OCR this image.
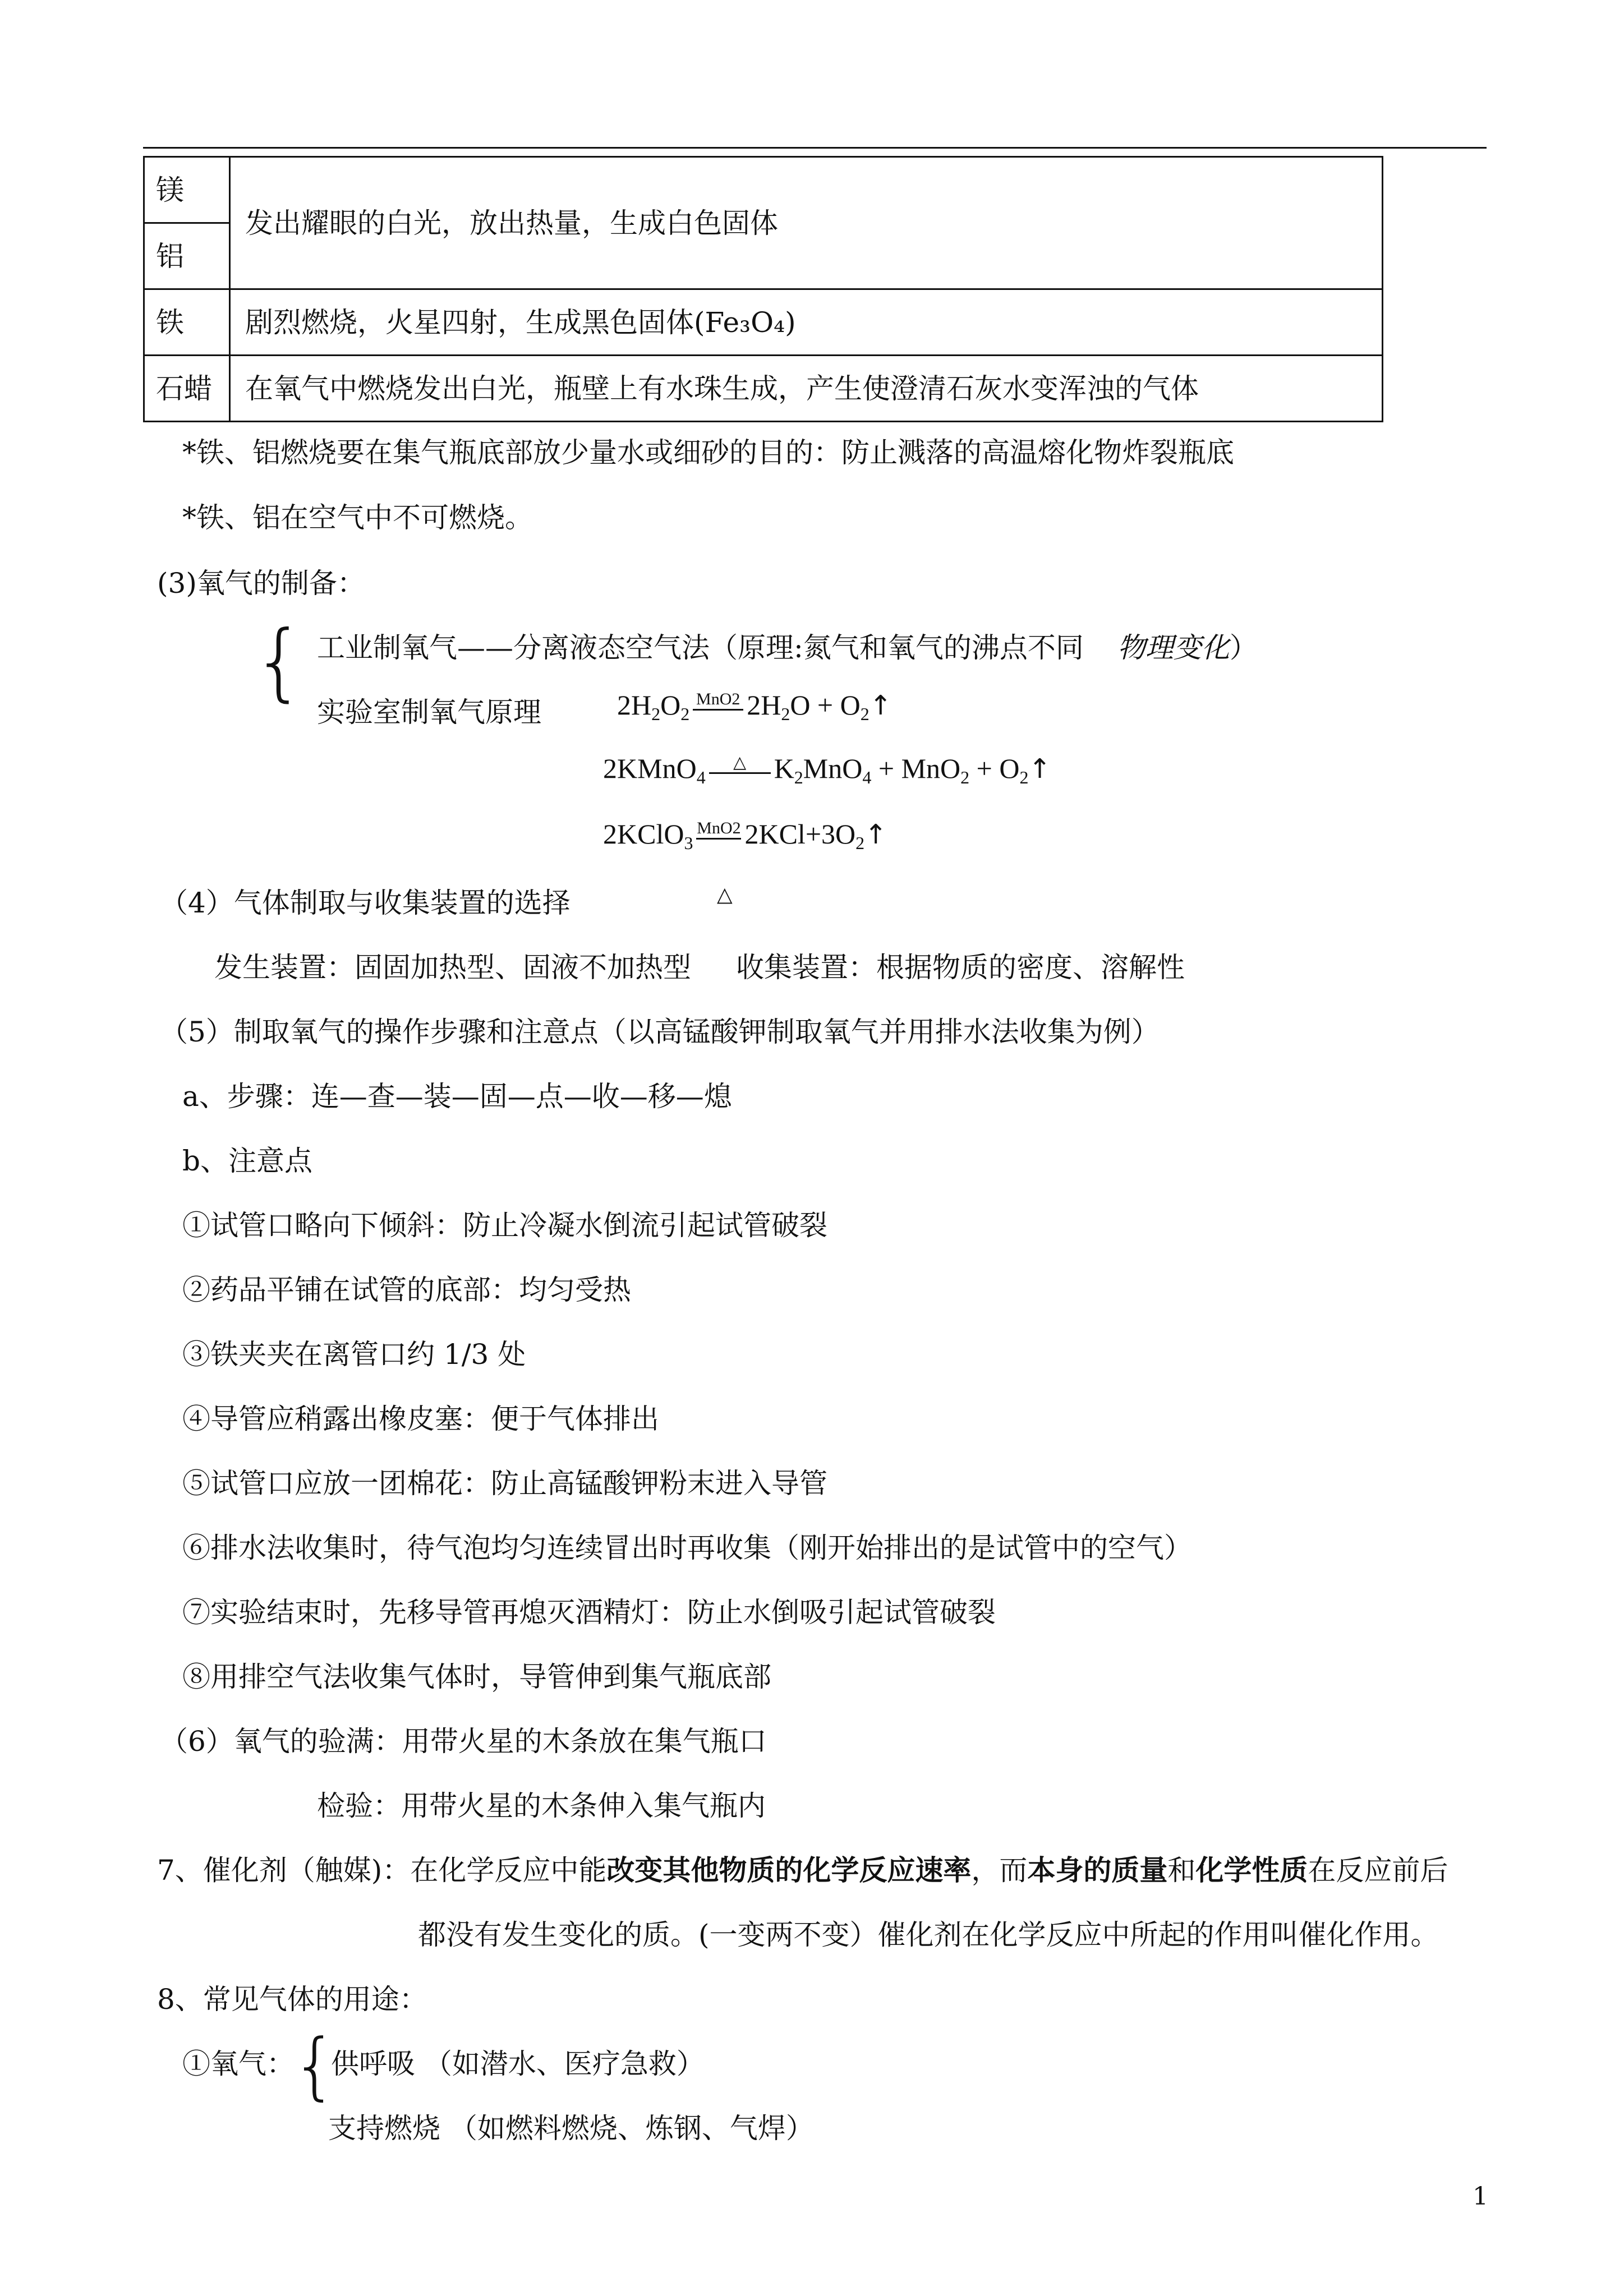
镁	发出耀眼的白光，放出热量，生成白色固体
铝	
铁	剧烈燃烧，火星四射，生成黑色固体(Fe₃O₄)
石蜡	在氧气中燃烧发出白光，瓶壁上有水珠生成，产生使澄清石灰水变浑浊的气体
*铁、铝燃烧要在集气瓶底部放少量水或细砂的目的：防止溅落的高温熔化物炸裂瓶底
*铁、铝在空气中不可燃烧。
(3)氧气的制备：
{ 工业制氧气——分离液态空气法（原理:氮气和氧气的沸点不同 物理变化）
实验室制氧气原理	$2H_2O_2$
MnO2 $2H_2O$ + $O_2↑$
2KMnO$_4$
△ $K_2MnO_4 + MnO_2$ + $O_2↑$
2KClO$_3$
MnO2 $2KCl+3O_2↑$
（4）气体制取与收集装置的选择	△
发生装置：固固加热型、固液不加热型 收集装置：根据物质的密度、溶解性
（5）制取氧气的操作步骤和注意点（以高锰酸钾制取氧气并用排水法收集为例）
a、步骤：连—查—装—固—点—收—移—熄
b、注意点
①试管口略向下倾斜：防止冷凝水倒流引起试管破裂
②药品平铺在试管的底部：均匀受热
③铁夹夹在离管口约 1/3 处
④导管应稍露出橡皮塞：便于气体排出
⑤试管口应放一团棉花：防止高锰酸钾粉末进入导管
⑥排水法收集时，待气泡均匀连续冒出时再收集（刚开始排出的是试管中的空气）
⑦实验结束时，先移导管再熄灭酒精灯：防止水倒吸引起试管破裂
⑧用排空气法收集气体时，导管伸到集气瓶底部
（6）氧气的验满：用带火星的木条放在集气瓶口
检验：用带火星的木条伸入集气瓶内
7、催化剂（触媒)：在化学反应中能改变其他物质的化学反应速率，而本身的质量和化学性质在反应前后
都没有发生变化的质。(一变两不变）催化剂在化学反应中所起的作用叫催化作用。
8、常见气体的用途：
①氧气：
{
供呼吸 （如潜水、医疗急救）
支持燃烧 （如燃料燃烧、炼钢、气焊）
1
